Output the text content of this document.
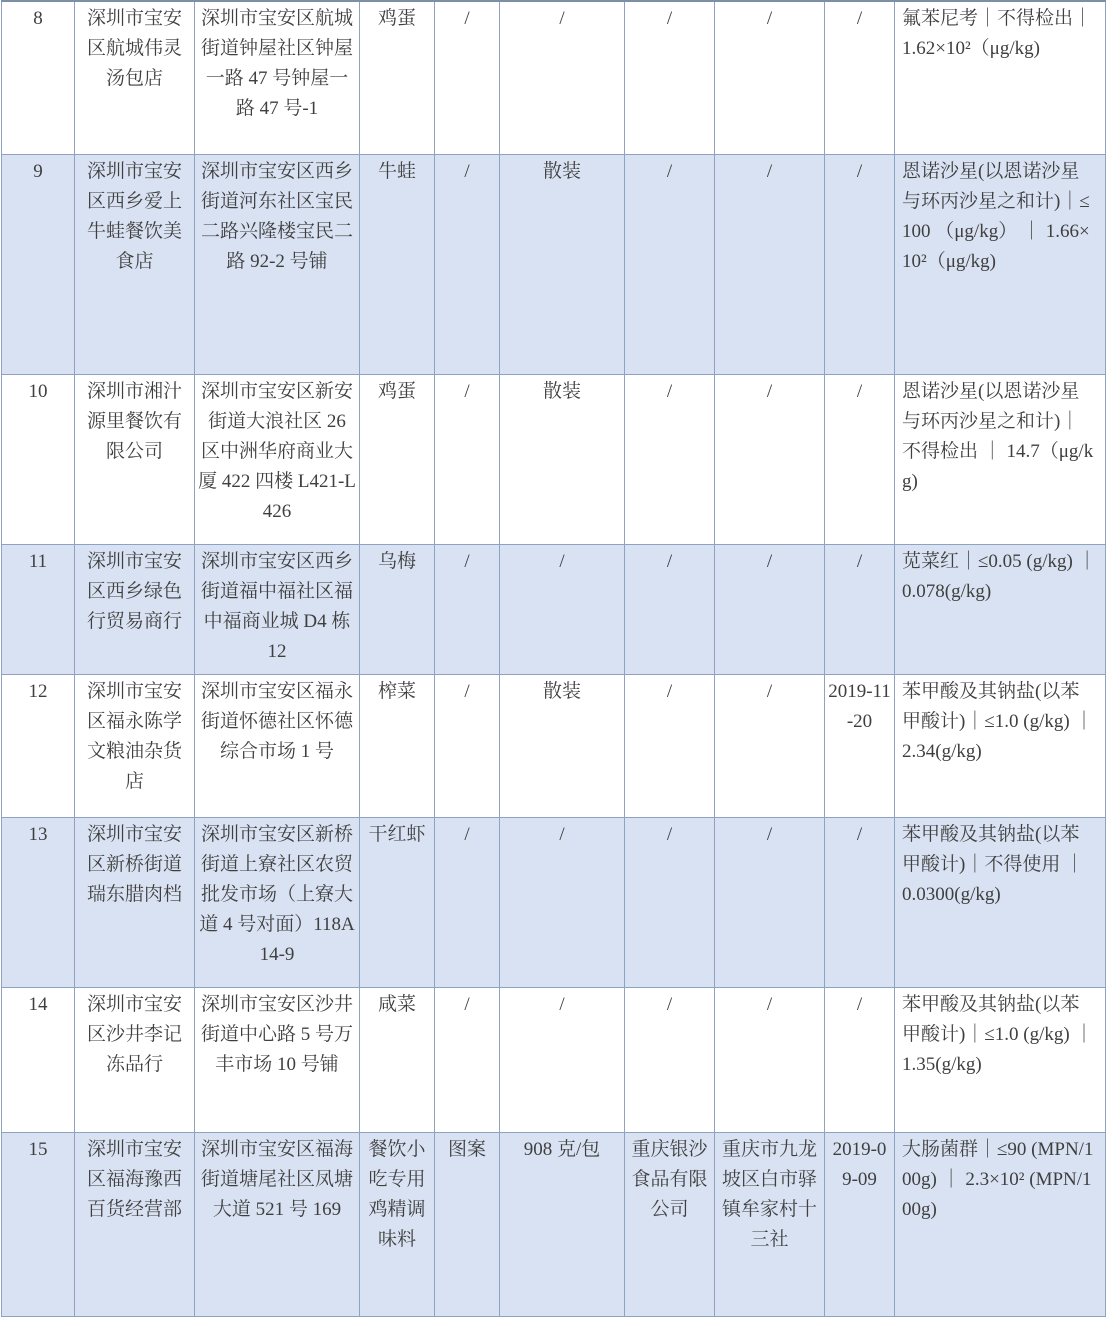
8	深圳市宝安区航城伟灵汤包店	深圳市宝安区航城街道钟屋社区钟屋一路 47 号钟屋一路 47 号-1	鸡蛋	/	/	/	/	/	氟苯尼考｜不得检出｜1.62×10²（μg/kg)
9	深圳市宝安区西乡爱上牛蛙餐饮美食店	深圳市宝安区西乡街道河东社区宝民二路兴隆楼宝民二路 92-2 号铺	牛蛙	/	散装	/	/	/	恩诺沙星(以恩诺沙星与环丙沙星之和计)｜≤100 （μg/kg） ｜ 1.66×10²（μg/kg)
10	深圳市湘汁源里餐饮有限公司	深圳市宝安区新安街道大浪社区 26 区中洲华府商业大厦 422 四楼 L421-L426	鸡蛋	/	散装	/	/	/	恩诺沙星(以恩诺沙星与环丙沙星之和计)｜不得检出 ｜ 14.7（μg/kg)
11	深圳市宝安区西乡绿色行贸易商行	深圳市宝安区西乡街道福中福社区福中福商业城 D4 栋 12	乌梅	/	/	/	/	/	苋菜红｜≤0.05 (g/kg) ｜ 0.078(g/kg)
12	深圳市宝安区福永陈学文粮油杂货店	深圳市宝安区福永街道怀德社区怀德综合市场 1 号	榨菜	/	散装	/	/	2019-11-20	苯甲酸及其钠盐(以苯甲酸计)｜≤1.0 (g/kg) ｜ 2.34(g/kg)
13	深圳市宝安区新桥街道瑞东腊肉档	深圳市宝安区新桥街道上寮社区农贸批发市场（上寮大道 4 号对面）118A14-9	干红虾	/	/	/	/	/	苯甲酸及其钠盐(以苯甲酸计)｜不得使用 ｜ 0.0300(g/kg)
14	深圳市宝安区沙井李记冻品行	深圳市宝安区沙井街道中心路 5 号万丰市场 10 号铺	咸菜	/	/	/	/	/	苯甲酸及其钠盐(以苯甲酸计)｜≤1.0 (g/kg) ｜ 1.35(g/kg)
15	深圳市宝安区福海豫西百货经营部	深圳市宝安区福海街道塘尾社区凤塘大道 521 号 169	餐饮小吃专用鸡精调味料	图案	908 克/包	重庆银沙食品有限公司	重庆市九龙坡区白市驿镇牟家村十三社	2019-09-09	大肠菌群｜≤90 (MPN/100g) ｜ 2.3×10² (MPN/100g)
